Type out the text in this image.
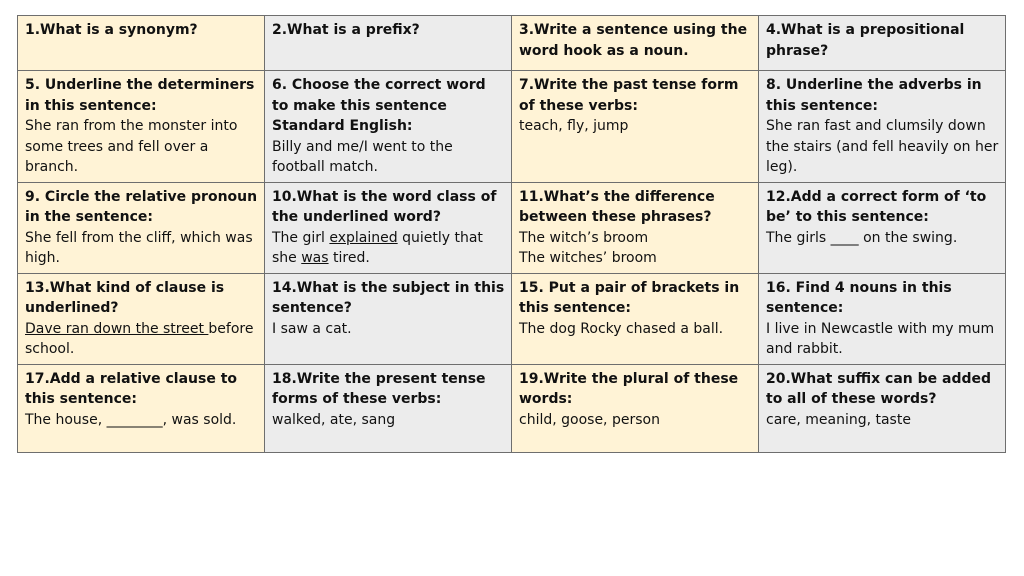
1.What is a synonym?	2.What is a prefix?	3.Write a sentence using the word hook as a noun.	4.What is a prepositional phrase?

5. Underline the determiners in this sentence:
She ran from the monster into some trees and fell over a branch.	6. Choose the correct word to make this sentence Standard English:
Billy and me/I went to the football match.	7.Write the past tense form of these verbs:
teach, fly, jump	8. Underline the adverbs in this sentence:
She ran fast and clumsily down the stairs (and fell heavily on her leg).

9. Circle the relative pronoun in the sentence:
She fell from the cliff, which was high.	10.What is the word class of the underlined word?
The girl explained quietly that she was tired.	11.What’s the difference between these phrases?
The witch’s broom
The witches’ broom	12.Add a correct form of ‘to be’ to this sentence:
The girls ____ on the swing.

13.What kind of clause is underlined?
Dave ran down the street before school.	14.What is the subject in this sentence?
I saw a cat.	15. Put a pair of brackets in this sentence:
The dog Rocky chased a ball.	16. Find 4 nouns in this sentence:
I live in Newcastle with my mum and rabbit.

17.Add a relative clause to this sentence:
The house, ________, was sold.	18.Write the present tense forms of these verbs:
walked, ate, sang	19.Write the plural of these words:
child, goose, person	20.What suffix can be added to all of these words?
care, meaning, taste
